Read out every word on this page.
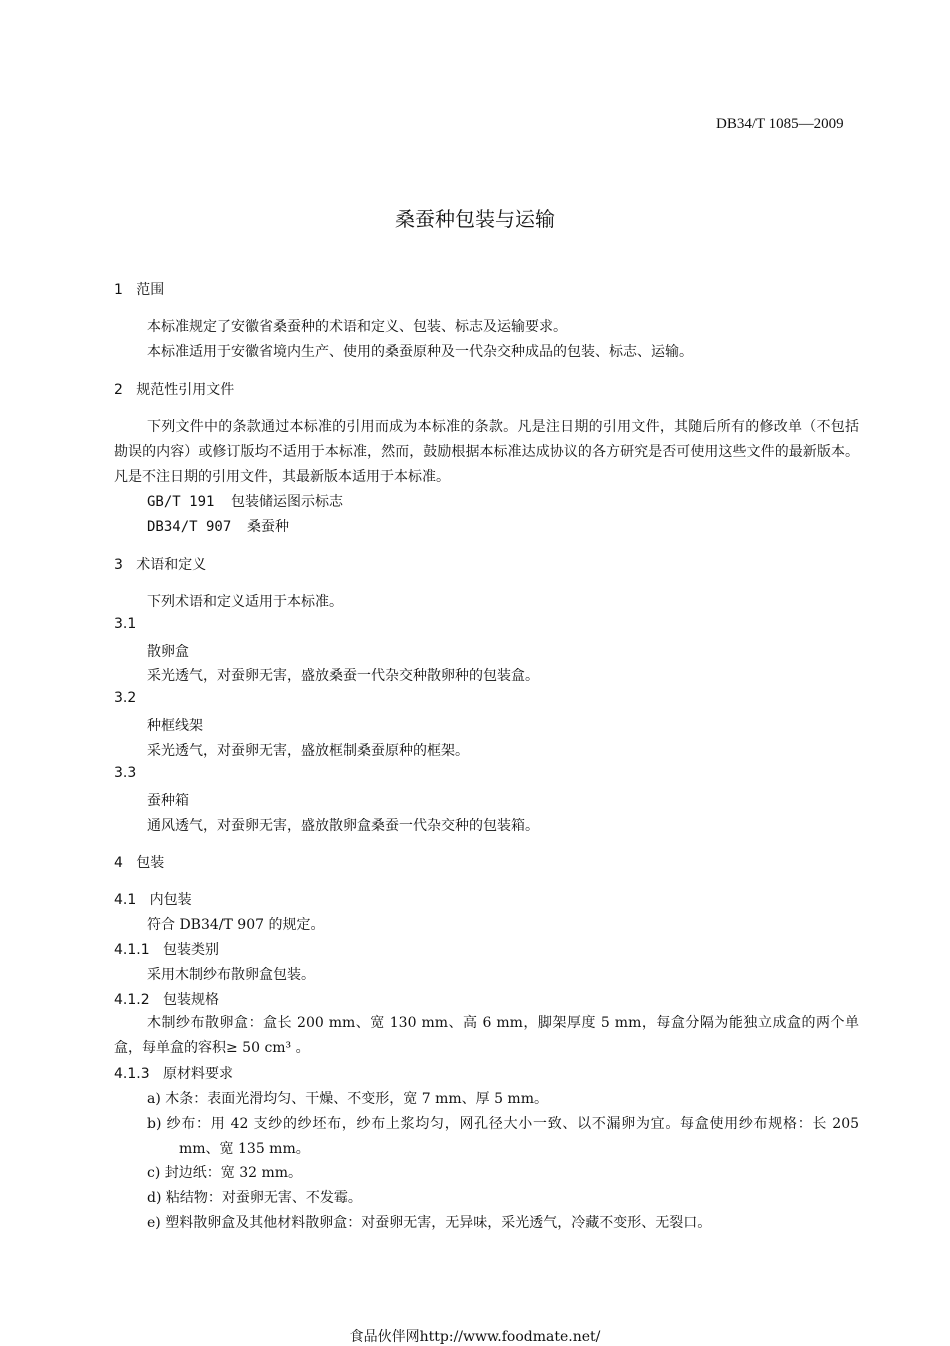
DB34/T 1085—2009
桑蚕种包装与运输
1 范围
本标准规定了安徽省桑蚕种的术语和定义、包装、标志及运输要求。
本标准适用于安徽省境内生产、使用的桑蚕原种及一代杂交种成品的包装、标志、运输。
2 规范性引用文件
下列文件中的条款通过本标准的引用而成为本标准的条款。凡是注日期的引用文件，其随后所有的修改单（不包括勘误的内容）或修订版均不适用于本标准，然而，鼓励根据本标准达成协议的各方研究是否可使用这些文件的最新版本。凡是不注日期的引用文件，其最新版本适用于本标准。
GB/T 191 包装储运图示标志
DB34/T 907 桑蚕种
3 术语和定义
下列术语和定义适用于本标准。
3.1
散卵盒
采光透气，对蚕卵无害，盛放桑蚕一代杂交种散卵种的包装盒。
3.2
种框线架
采光透气，对蚕卵无害，盛放框制桑蚕原种的框架。
3.3
蚕种箱
通风透气，对蚕卵无害，盛放散卵盒桑蚕一代杂交种的包装箱。
4 包装
4.1 内包装
符合 DB34/T 907 的规定。
4.1.1 包装类别
采用木制纱布散卵盒包装。
4.1.2 包装规格
木制纱布散卵盒：盒长 200 mm、宽 130 mm、高 6 mm，脚架厚度 5 mm，每盒分隔为能独立成盒的两个单盒，每单盒的容积≥ 50 cm³ 。
4.1.3 原材料要求
a) 木条：表面光滑均匀、干燥、不变形，宽 7 mm、厚 5 mm。
b) 纱布：用 42 支纱的纱坯布，纱布上浆均匀，网孔径大小一致、以不漏卵为宜。每盒使用纱布规格：长 205 mm、宽 135 mm。
c) 封边纸：宽 32 mm。
d) 粘结物：对蚕卵无害、不发霉。
e) 塑料散卵盒及其他材料散卵盒：对蚕卵无害，无异味，采光透气，冷藏不变形、无裂口。
食品伙伴网http://www.foodmate.net/
